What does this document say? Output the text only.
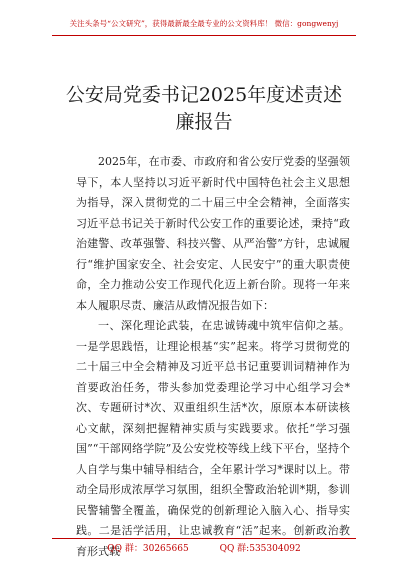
关注头条号“公文研究”，获得最新最全最专业的公文资料库！ 微信：gongwenyj
公安局党委书记2025年度述责述廉报告

2025年，在市委、市政府和省公安厅党委的坚强领导下，本人坚持以习近平新时代中国特色社会主义思想为指导，深入贯彻党的二十届三中全会精神，全面落实习近平总书记关于新时代公安工作的重要论述，秉持“政治建警、改革强警、科技兴警、从严治警”方针，忠诚履行“维护国家安全、社会安定、人民安宁”的重大职责使命，全力推动公安工作现代化迈上新台阶。现将一年来本人履职尽责、廉洁从政情况报告如下：

一、深化理论武装，在忠诚铸魂中筑牢信仰之基。一是学思践悟，让理论根基“实”起来。将学习贯彻党的二十届三中全会精神及习近平总书记重要训词精神作为首要政治任务，带头参加党委理论学习中心组学习会*次、专题研讨*次、双重组织生活*次，原原本本研读核心文献，深刻把握精神实质与实践要求。依托“学习强国”“干部网络学院”及公安党校等线上线下平台，坚持个人自学与集中辅导相结合，全年累计学习*课时以上。带动全局形成浓厚学习氛围，组织全警政治轮训*期，参训民警辅警全覆盖，确保党的创新理论入脑入心、指导实践。二是活学活用，让忠诚教育“活”起来。创新政治教育形式载

QQ 群：30265665	QQ 群:535304092
